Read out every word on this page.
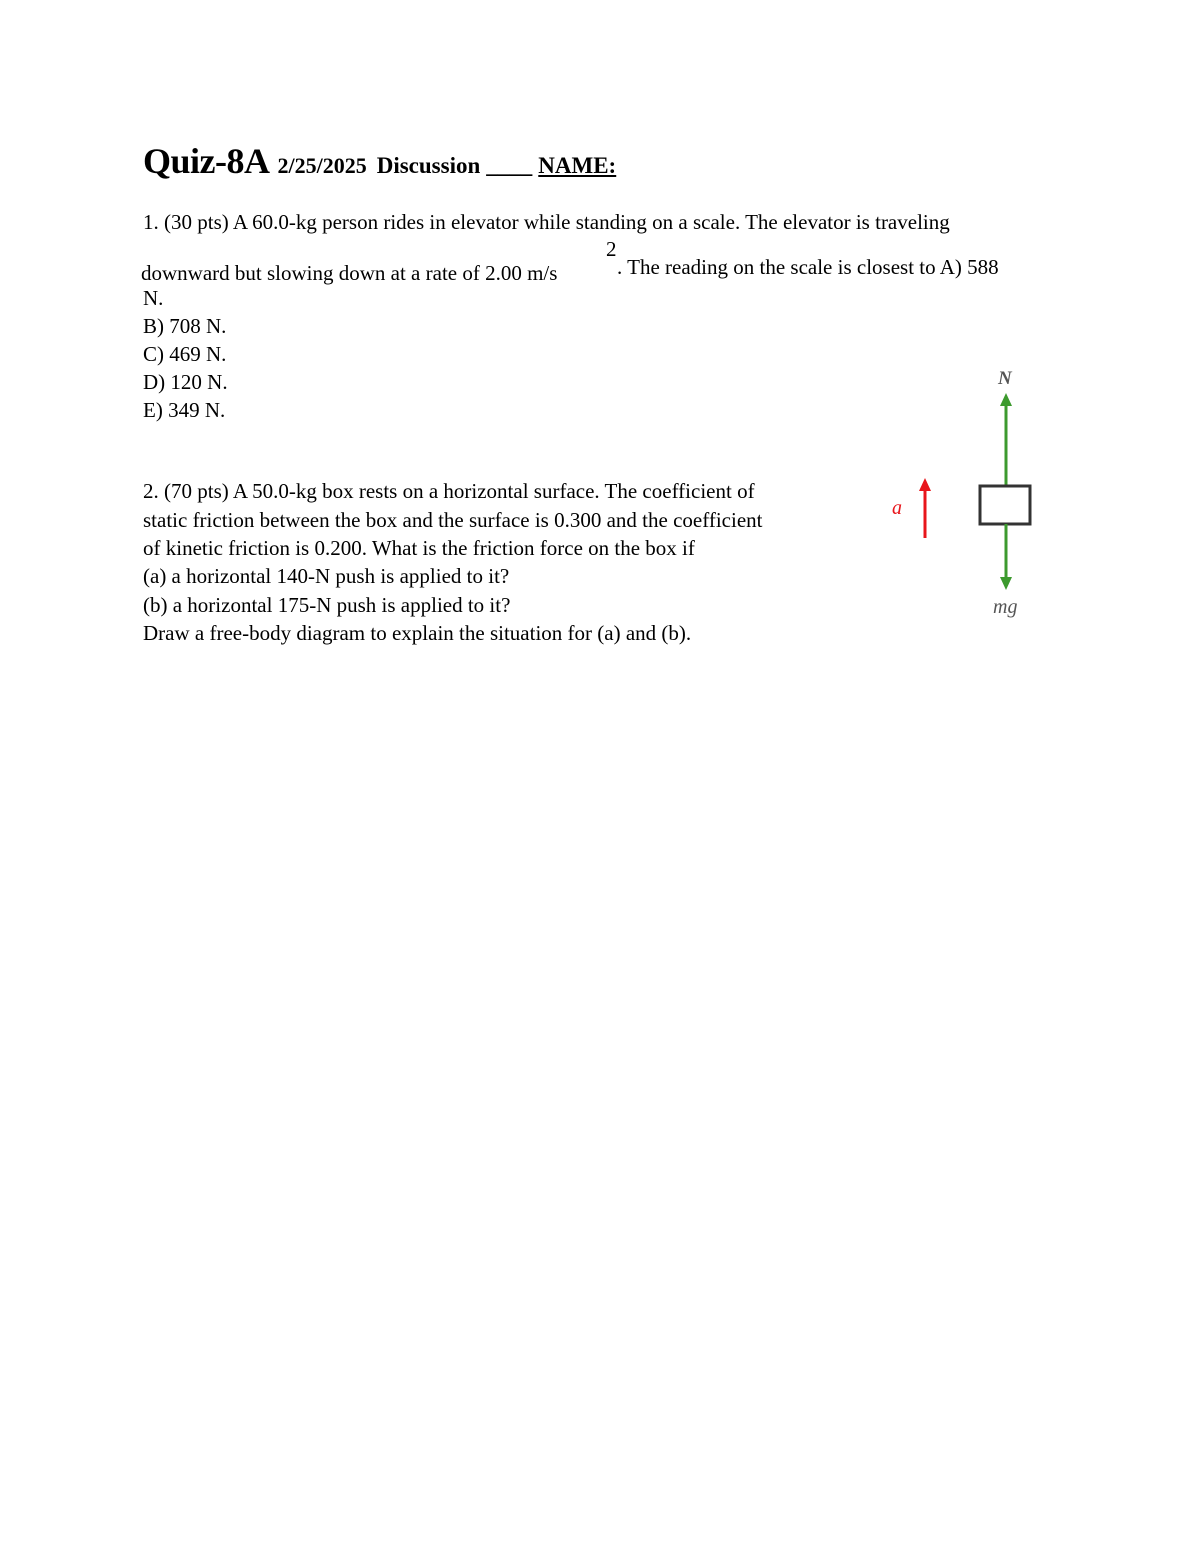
Quiz-8A 2/25/2025 Discussion ____ NAME:
1. (30 pts) A 60.0-kg person rides in elevator while standing on a scale. The elevator is traveling
2
downward but slowing down at a rate of 2.00 m/s	. The reading on the scale is closest to A) 588
N.
B) 708 N.
C) 469 N.
D) 120 N.
E) 349 N.
2. (70 pts) A 50.0-kg box rests on a horizontal surface. The coefficient of
static friction between the box and the surface is 0.300 and the coefficient
of kinetic friction is 0.200. What is the friction force on the box if
(a) a horizontal 140-N push is applied to it?
(b) a horizontal 175-N push is applied to it?
Draw a free-body diagram to explain the situation for (a) and (b).
N
mg
a
